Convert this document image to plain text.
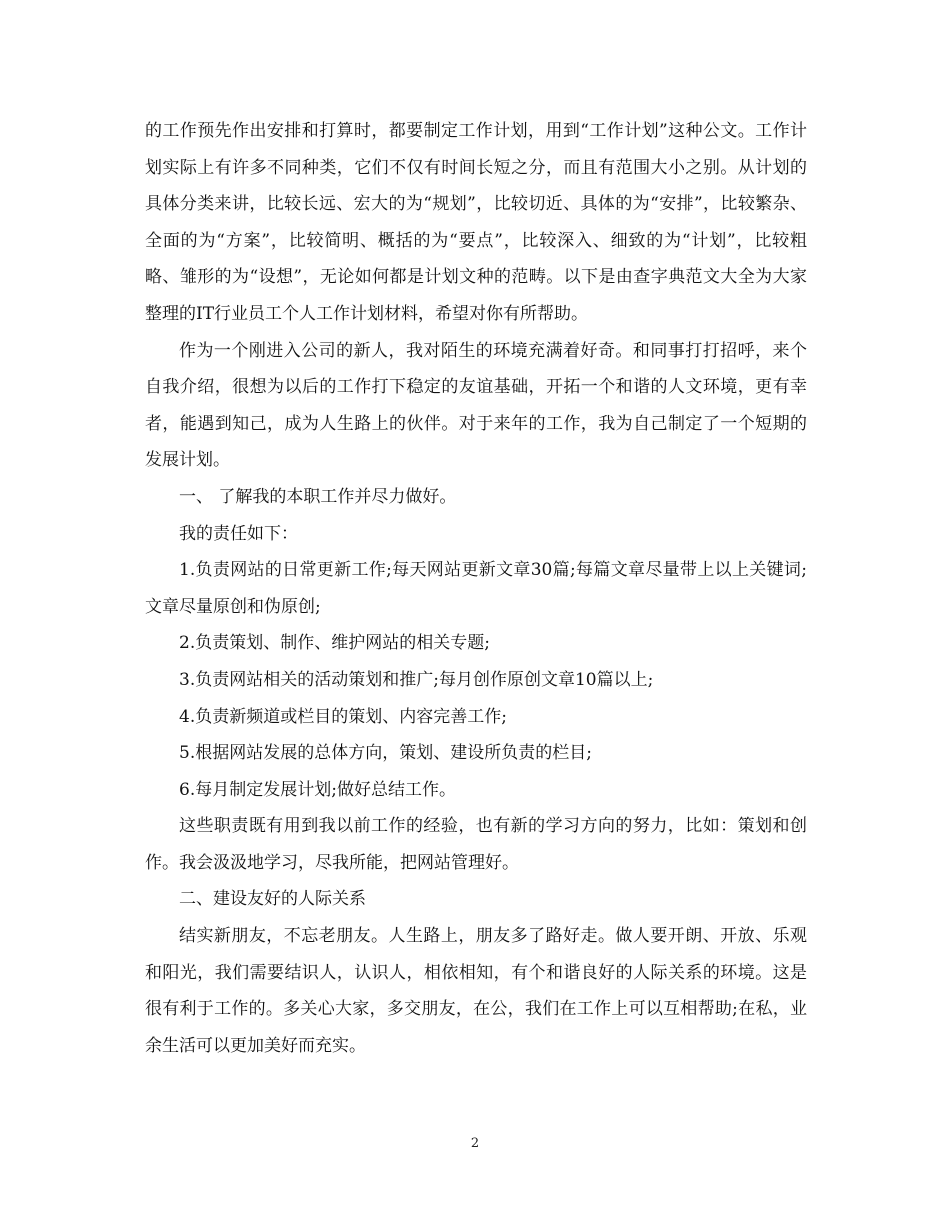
的工作预先作出安排和打算时，都要制定工作计划，用到“工作计划”这种公文。工作计划实际上有许多不同种类，它们不仅有时间长短之分，而且有范围大小之别。从计划的具体分类来讲，比较长远、宏大的为“规划”，比较切近、具体的为“安排”，比较繁杂、全面的为“方案”，比较简明、概括的为“要点”，比较深入、细致的为“计划”，比较粗略、雏形的为“设想”，无论如何都是计划文种的范畴。以下是由查字典范文大全为大家整理的IT行业员工个人工作计划材料，希望对你有所帮助。

作为一个刚进入公司的新人，我对陌生的环境充满着好奇。和同事打打招呼，来个自我介绍，很想为以后的工作打下稳定的友谊基础，开拓一个和谐的人文环境，更有幸者，能遇到知己，成为人生路上的伙伴。对于来年的工作，我为自己制定了一个短期的发展计划。

一、 了解我的本职工作并尽力做好。

我的责任如下：

1.负责网站的日常更新工作;每天网站更新文章30篇;每篇文章尽量带上以上关键词;文章尽量原创和伪原创;

2.负责策划、制作、维护网站的相关专题;

3.负责网站相关的活动策划和推广;每月创作原创文章10篇以上;

4.负责新频道或栏目的策划、内容完善工作;

5.根据网站发展的总体方向，策划、建设所负责的栏目;

6.每月制定发展计划;做好总结工作。

这些职责既有用到我以前工作的经验，也有新的学习方向的努力，比如：策划和创作。我会汲汲地学习，尽我所能，把网站管理好。

二、建设友好的人际关系

结实新朋友，不忘老朋友。人生路上，朋友多了路好走。做人要开朗、开放、乐观和阳光，我们需要结识人，认识人，相依相知，有个和谐良好的人际关系的环境。这是很有利于工作的。多关心大家，多交朋友，在公，我们在工作上可以互相帮助;在私，业余生活可以更加美好而充实。

2
